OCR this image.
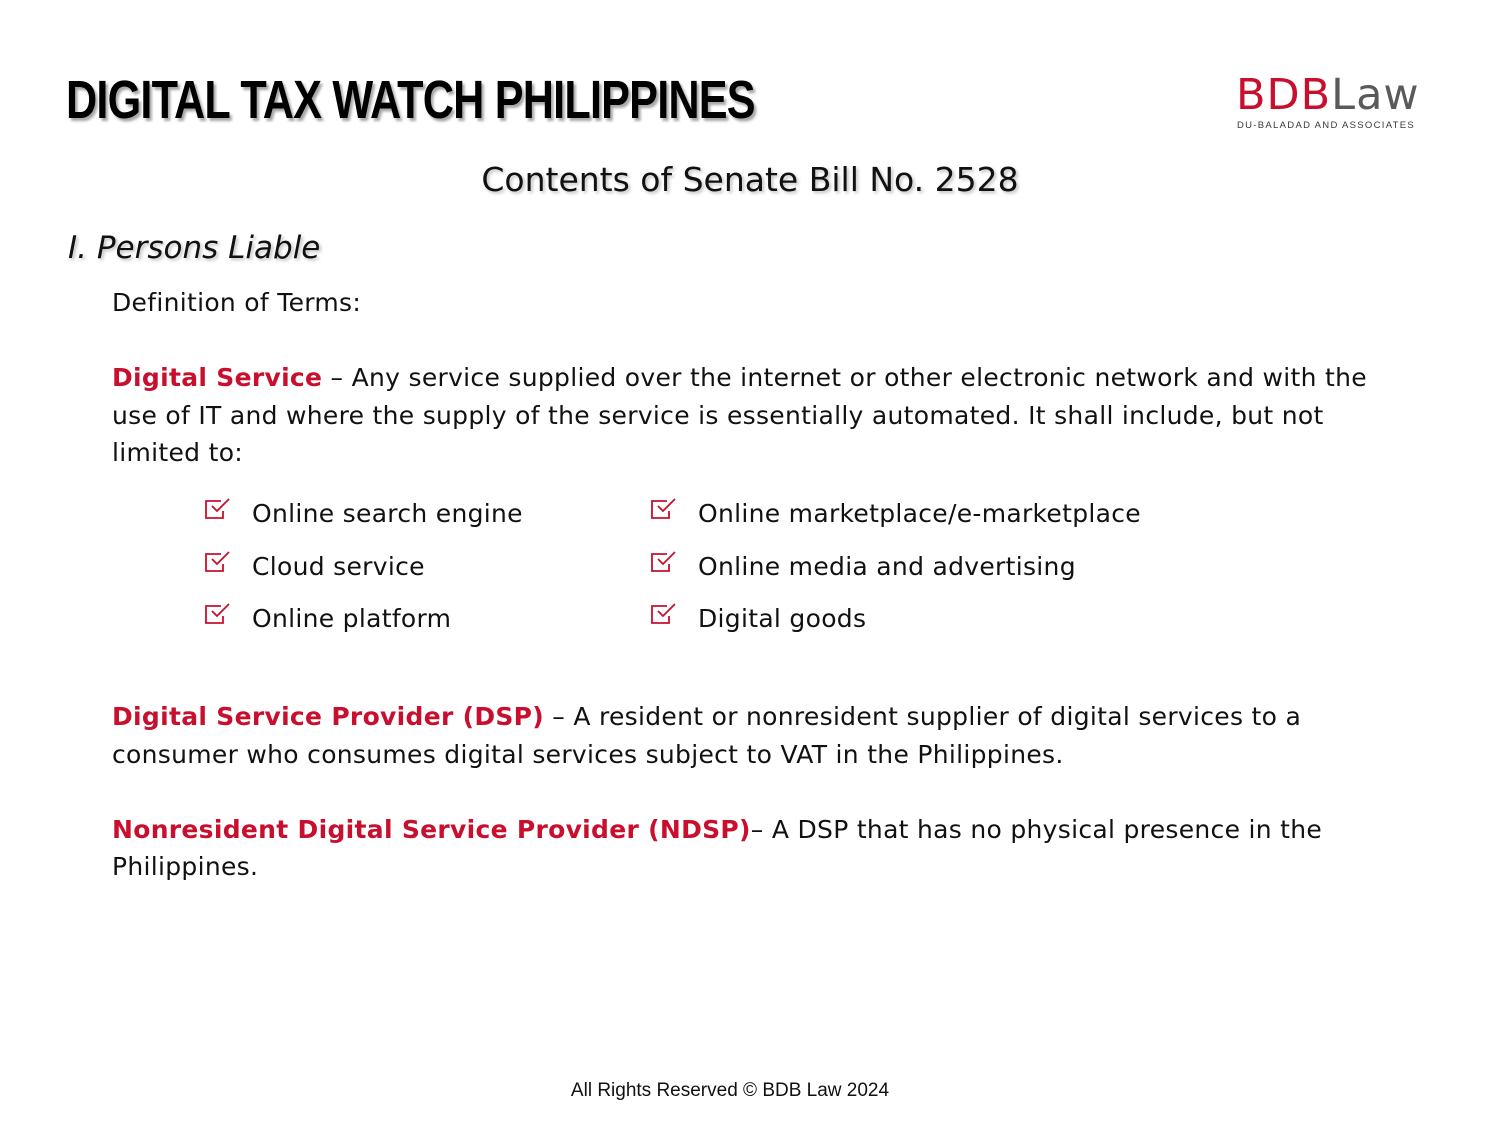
DIGITAL TAX WATCH PHILIPPINES	BDBLaw
DU-BALADAD AND ASSOCIATES
Contents of Senate Bill No. 2528
I. Persons Liable

Definition of Terms:

Digital Service – Any service supplied over the internet or other electronic network and with the use of IT and where the supply of the service is essentially automated. It shall include, but not limited to:

Online search engine
Cloud service
Online platform
Online marketplace/e-marketplace
Online media and advertising
Digital goods

Digital Service Provider (DSP) – A resident or nonresident supplier of digital services to a consumer who consumes digital services subject to VAT in the Philippines.

Nonresident Digital Service Provider (NDSP)– A DSP that has no physical presence in the Philippines.

All Rights Reserved © BDB Law 2024
